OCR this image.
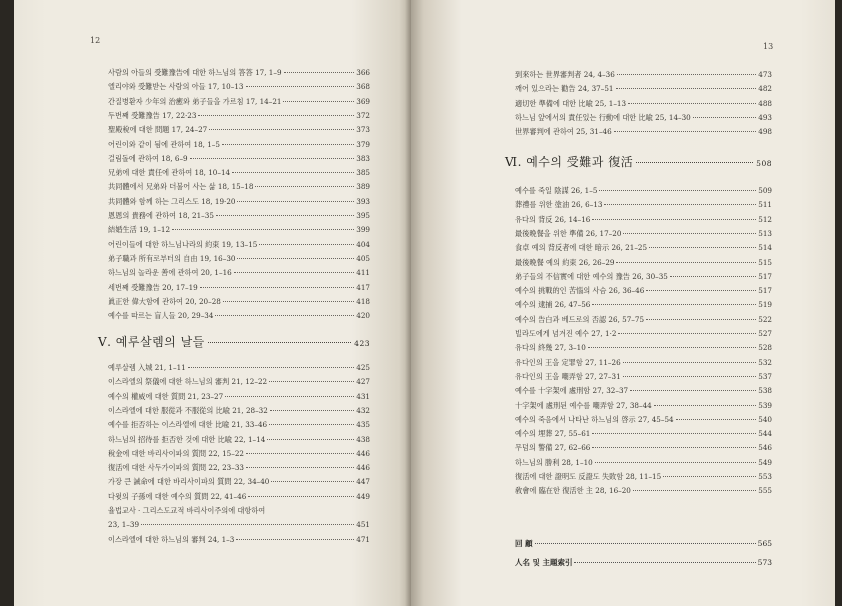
12
사람의 아들의 受難豫告에 대한 하느님의 答答 17, 1–9	366
엘리야와 受難받는 사람의 아들 17, 10–13	368
간질병환자 少年의 治癒와 弟子들을 가르침 17, 14–21	369
두번째 受難豫告 17, 22·23	372
聖殿稅에 대한 問題 17, 24–27	373
어린이와 같이 됨에 관하여 18, 1–5	379
걸림돌에 관하여 18, 6–9	383
兄弟에 대한 責任에 관하여 18, 10–14	385
共同體에서 兄弟와 더불어 사는 삶 18, 15–18	389
共同體와 함께 하는 그리스도 18, 19·20	393
恩恩의 貴務에 관하여 18, 21–35	395
結婚生活 19, 1–12	399
어린이들에 대한 하느님나라의 約束 19, 13–15	404
弟子職과 所有로부터의 自由 19, 16–30	405
하느님의 놀라운 善에 관하여 20, 1–16	411
세번째 受難豫告 20, 17–19	417
眞正한 偉大함에 관하여 20, 20–28	418
예수를 따르는 盲人들 20, 29–34	420
Ⅴ. 예루살렘의 날들	423
예루살렘 入城 21, 1–11	425
이스라엘의 祭儀에 대한 하느님의 審判 21, 12–22	427
예수의 權威에 대한 質問 21, 23–27	431
이스라엘에 대한 服從과 不服從의 比喩 21, 28–32	432
예수를 拒否하는 이스라엘에 대한 比喩 21, 33–46	435
하느님의 招待를 拒否한 것에 대한 比喩 22, 1–14	438
稅金에 대한 바리사이파의 質問 22, 15–22	446
復活에 대한 사두가이파의 質問 22, 23–33	446
가장 큰 誡命에 대한 바리사이파의 質問 22, 34–40	447
다윗의 子孫에 대한 예수의 質問 22, 41–46	449
율법교사 · 그리스도교적 바리사이주의에 대항하여
23, 1–39	451
이스라엘에 대한 하느님의 審判 24, 1–3	471
13
到來하는 世界審判者 24, 4–36	473
깨어 있으라는 勸告 24, 37–51	482
適切한 準備에 대한 比喩 25, 1–13	488
하느님 앞에서의 責任있는 行動에 대한 比喩 25, 14–30	493
世界審判에 관하여 25, 31–46	498
Ⅵ. 예수의 受難과 復活	508
예수를 죽일 陰謀 26, 1–5	509
葬禮를 위한 塗油 26, 6–13	511
유다의 背反 26, 14–16	512
最後晩餐을 위한 準備 26, 17–20	513
食卓 예의 背反者에 대한 暗示 26, 21–25	514
最後晩餐 예의 約束 26, 26–29	515
弟子들의 不信實에 대한 예수의 豫告 26, 30–35	517
예수의 挑戰的인 苦惱의 사슴 26, 36–46	517
예수의 逮捕 26, 47–56	519
예수의 告白과 베드로의 否認 26, 57–75	522
빌라도에게 넘겨진 예수 27, 1·2	527
유다의 終幾 27, 3–10	528
유다인의 王을 定罪함 27, 11–26	532
유다인의 王을 嘲弄함 27, 27–31	537
예수를 十字架에 處刑함 27, 32–37	538
十字架에 處刑된 예수를 嘲弄함 27, 38–44	539
예수의 죽음에서 나타난 하느님의 啓示 27, 45–54	540
예수의 埋葬 27, 55–61	544
무덤의 警備 27, 62–66	546
하느님의 勝利 28, 1–10	549
復活에 대한 證明도 反證도 失敗함 28, 11–15	553
敎會에 臨在한 復活한 主 28, 16–20	555
回 顧	565
人名 및 主題索引	573
